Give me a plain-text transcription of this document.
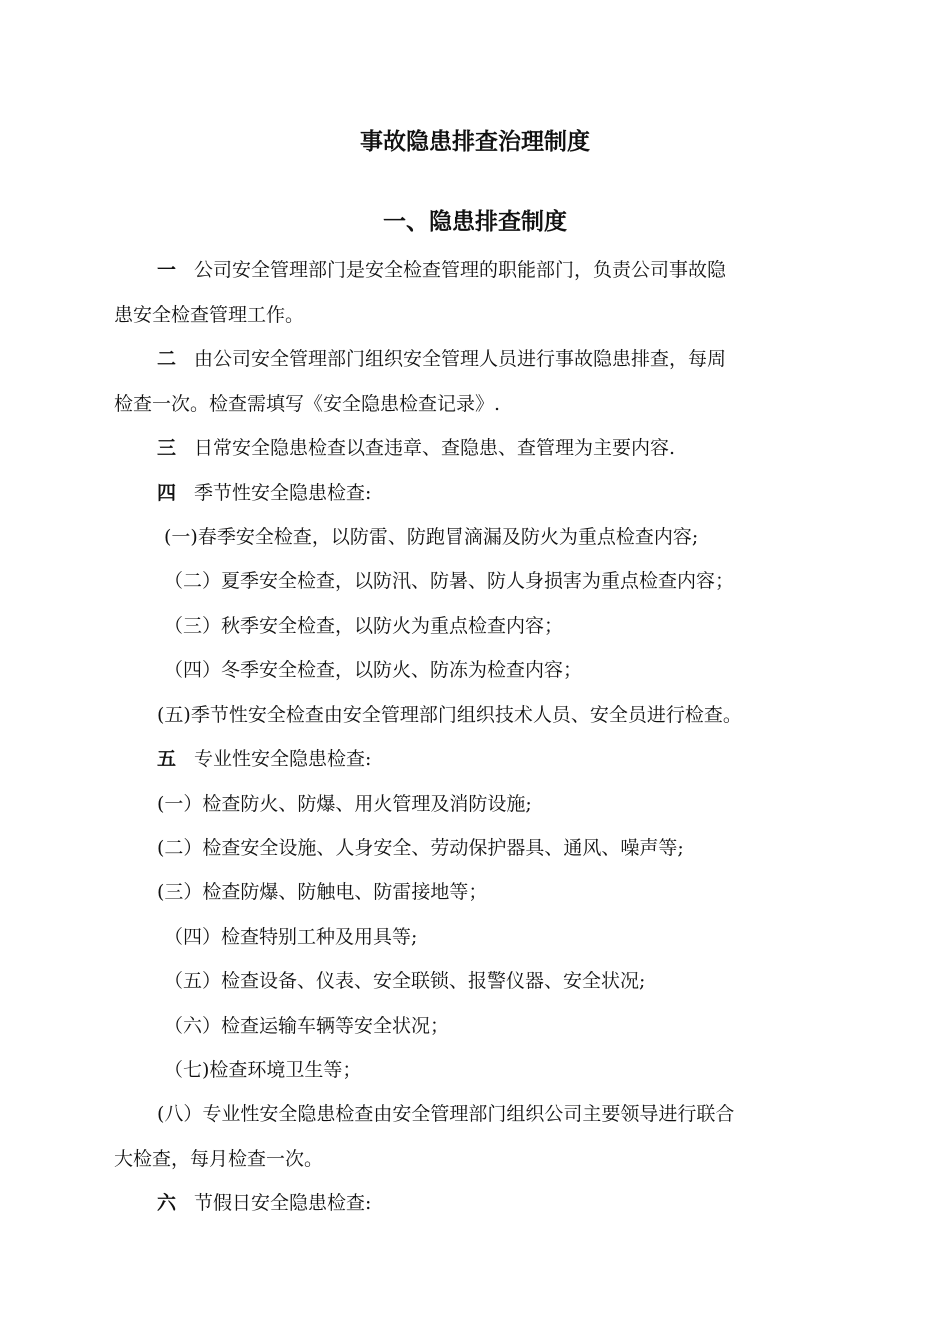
事故隐患排查治理制度
一、隐患排查制度
一 公司安全管理部门是安全检查管理的职能部门，负责公司事故隐
患安全检查管理工作。
二 由公司安全管理部门组织安全管理人员进行事故隐患排查，每周
检查一次。检查需填写《安全隐患检查记录》.
三 日常安全隐患检查以查违章、查隐患、查管理为主要内容.
四 季节性安全隐患检查:
(一)春季安全检查，以防雷、防跑冒滴漏及防火为重点检查内容;
（二）夏季安全检查，以防汛、防暑、防人身损害为重点检查内容；
（三）秋季安全检查，以防火为重点检查内容；
（四）冬季安全检查，以防火、防冻为检查内容；
(五)季节性安全检查由安全管理部门组织技术人员、安全员进行检查。
五 专业性安全隐患检查:
(一）检查防火、防爆、用火管理及消防设施;
(二）检查安全设施、人身安全、劳动保护器具、通风、噪声等;
(三）检查防爆、防触电、防雷接地等；
（四）检查特别工种及用具等;
（五）检查设备、仪表、安全联锁、报警仪器、安全状况;
（六）检查运输车辆等安全状况；
（七)检查环境卫生等；
(八）专业性安全隐患检查由安全管理部门组织公司主要领导进行联合
大检查，每月检查一次。
六 节假日安全隐患检查:
